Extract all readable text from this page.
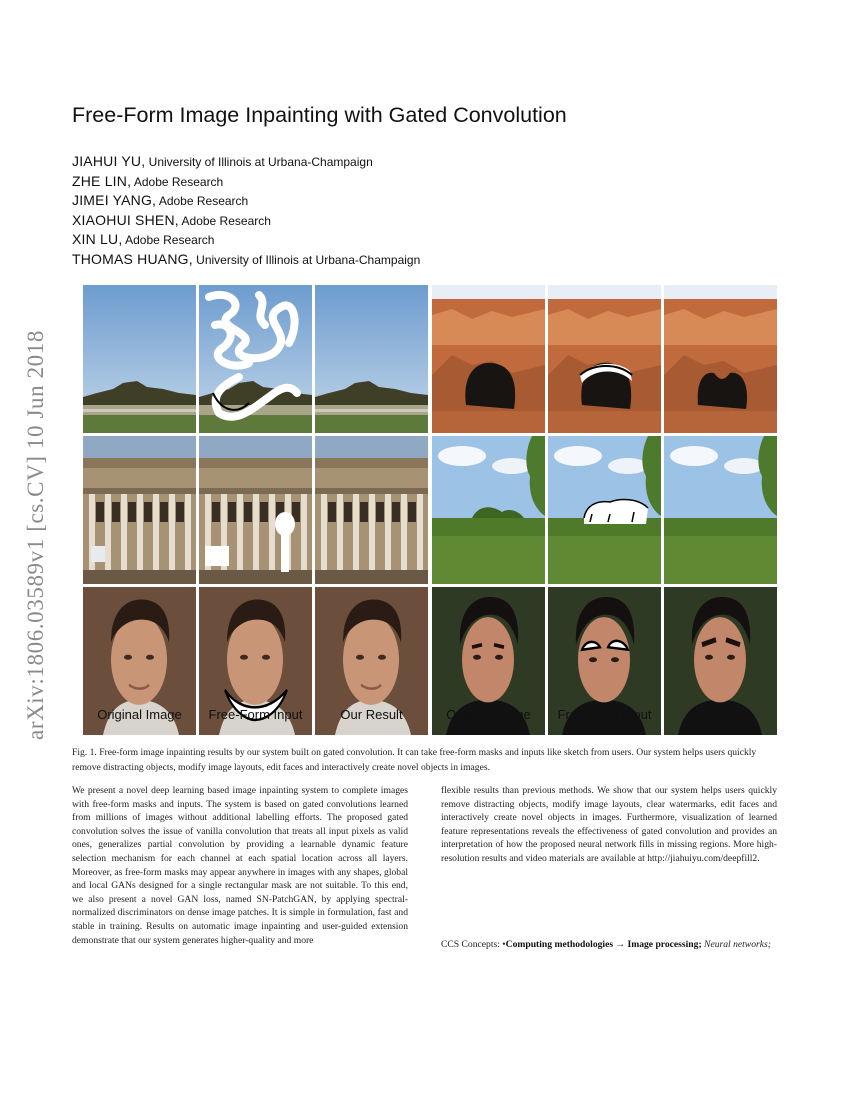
arXiv:1806.03589v1 [cs.CV] 10 Jun 2018
Free-Form Image Inpainting with Gated Convolution
JIAHUI YU, University of Illinois at Urbana-Champaign
ZHE LIN, Adobe Research
JIMEI YANG, Adobe Research
XIAOHUI SHEN, Adobe Research
XIN LU, Adobe Research
THOMAS HUANG, University of Illinois at Urbana-Champaign
Original Image	Free-Form Input	Our Result	Original Image	Free-Form Input	Our Result
Fig. 1. Free-form image inpainting results by our system built on gated convolution. It can take free-form masks and inputs like sketch from users. Our system helps users quickly remove distracting objects, modify image layouts, edit faces and interactively create novel objects in images.
We present a novel deep learning based image inpainting system to complete images with free-form masks and inputs. The system is based on gated convolutions learned from millions of images without additional labelling efforts. The proposed gated convolution solves the issue of vanilla convolution that treats all input pixels as valid ones, generalizes partial convolution by providing a learnable dynamic feature selection mechanism for each channel at each spatial location across all layers. Moreover, as free-form masks may appear anywhere in images with any shapes, global and local GANs designed for a single rectangular mask are not suitable. To this end, we also present a novel GAN loss, named SN-PatchGAN, by applying spectral-normalized discriminators on dense image patches. It is simple in formulation, fast and stable in training. Results on automatic image inpainting and user-guided extension demonstrate that our system generates higher-quality and more
flexible results than previous methods. We show that our system helps users quickly remove distracting objects, modify image layouts, clear watermarks, edit faces and interactively create novel objects in images. Furthermore, visualization of learned feature representations reveals the effectiveness of gated convolution and provides an interpretation of how the proposed neural network fills in missing regions. More high-resolution results and video materials are available at http://jiahuiyu.com/deepfill2.
CCS Concepts: •Computing methodologies → Image processing; Neural networks;
